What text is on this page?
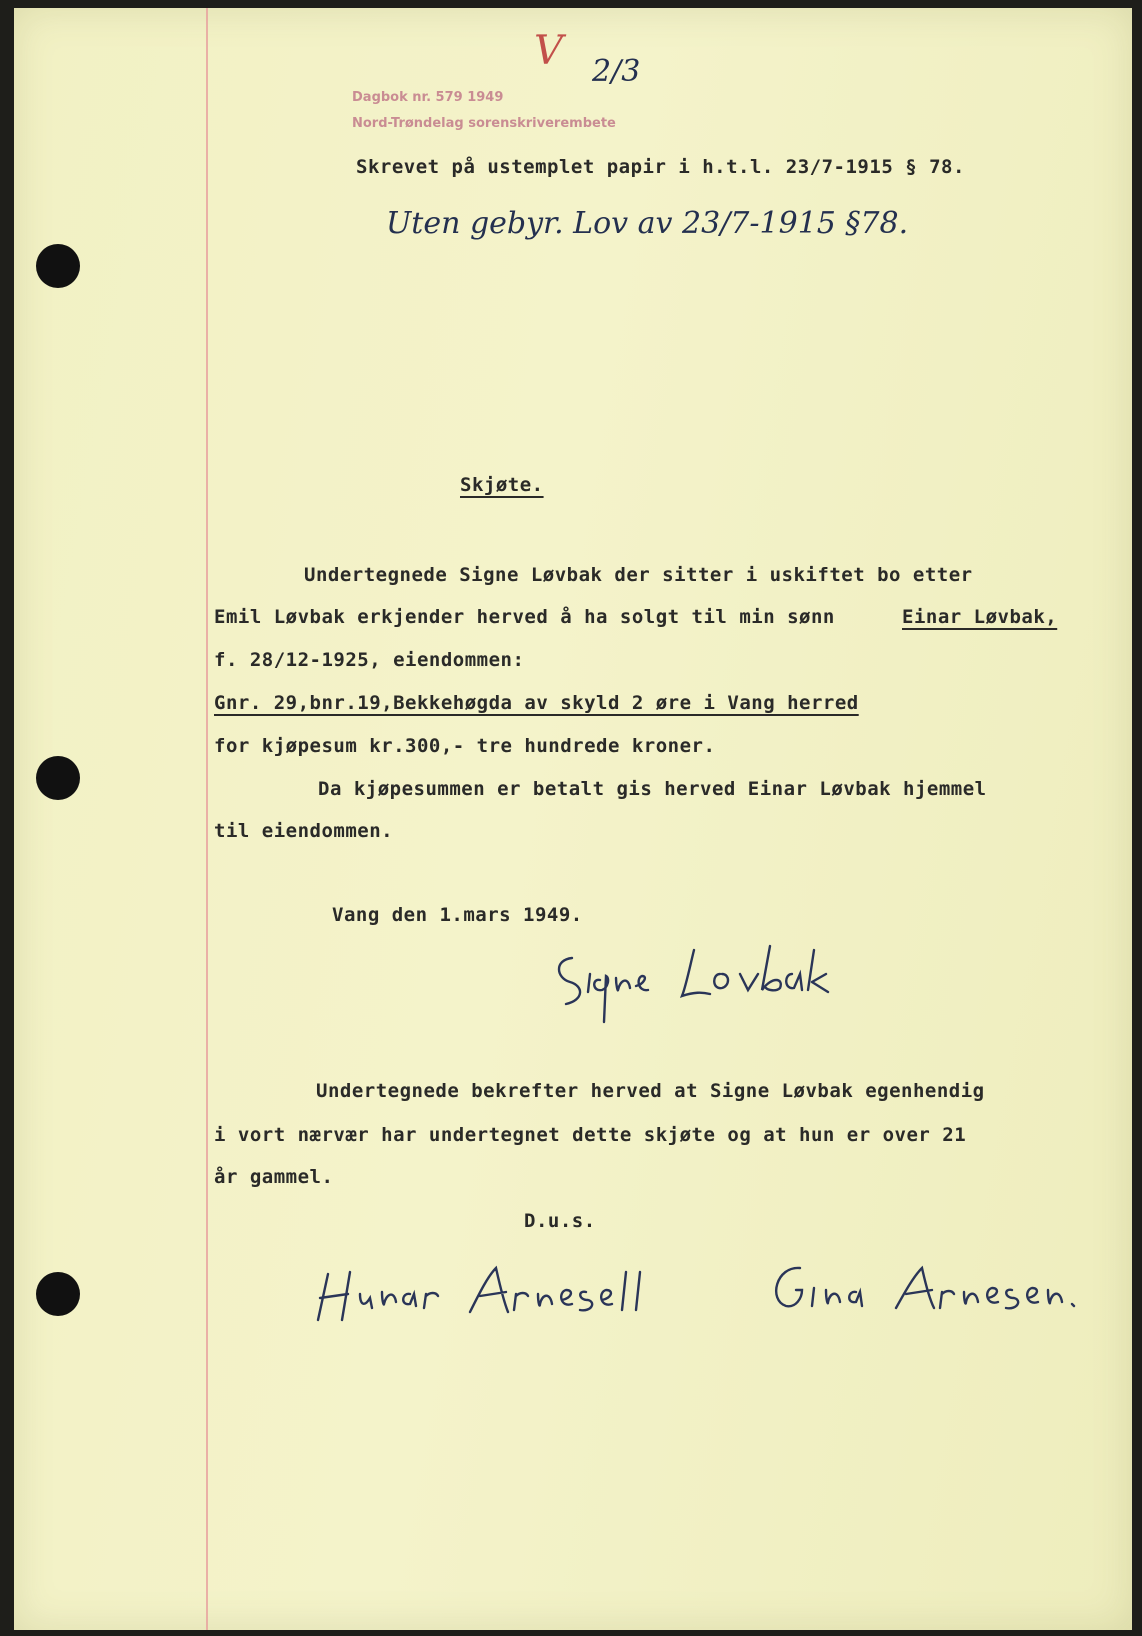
Dagbok nr. 579 1949
Nord-Trøndelag sorenskriverembete
V 2/3
Skrevet på ustemplet papir i h.t.l. 23/7-1915 § 78.
Uten gebyr. Lov av 23/7-1915 §78.
Skjøte.
Undertegnede Signe Løvbak der sitter i uskiftet bo etter
Emil Løvbak erkjender herved å ha solgt til min sønn	Einar Løvbak,
f. 28/12-1925, eiendommen:
Gnr. 29,bnr.19,Bekkehøgda av skyld 2 øre i Vang herred
for kjøpesum kr.300,- tre hundrede kroner.
Da kjøpesummen er betalt gis herved Einar Løvbak hjemmel
til eiendommen.
Vang den 1.mars 1949.
Undertegnede bekrefter herved at Signe Løvbak egenhendig
i vort nærvær har undertegnet dette skjøte og at hun er over 21
år gammel.
D.u.s.
